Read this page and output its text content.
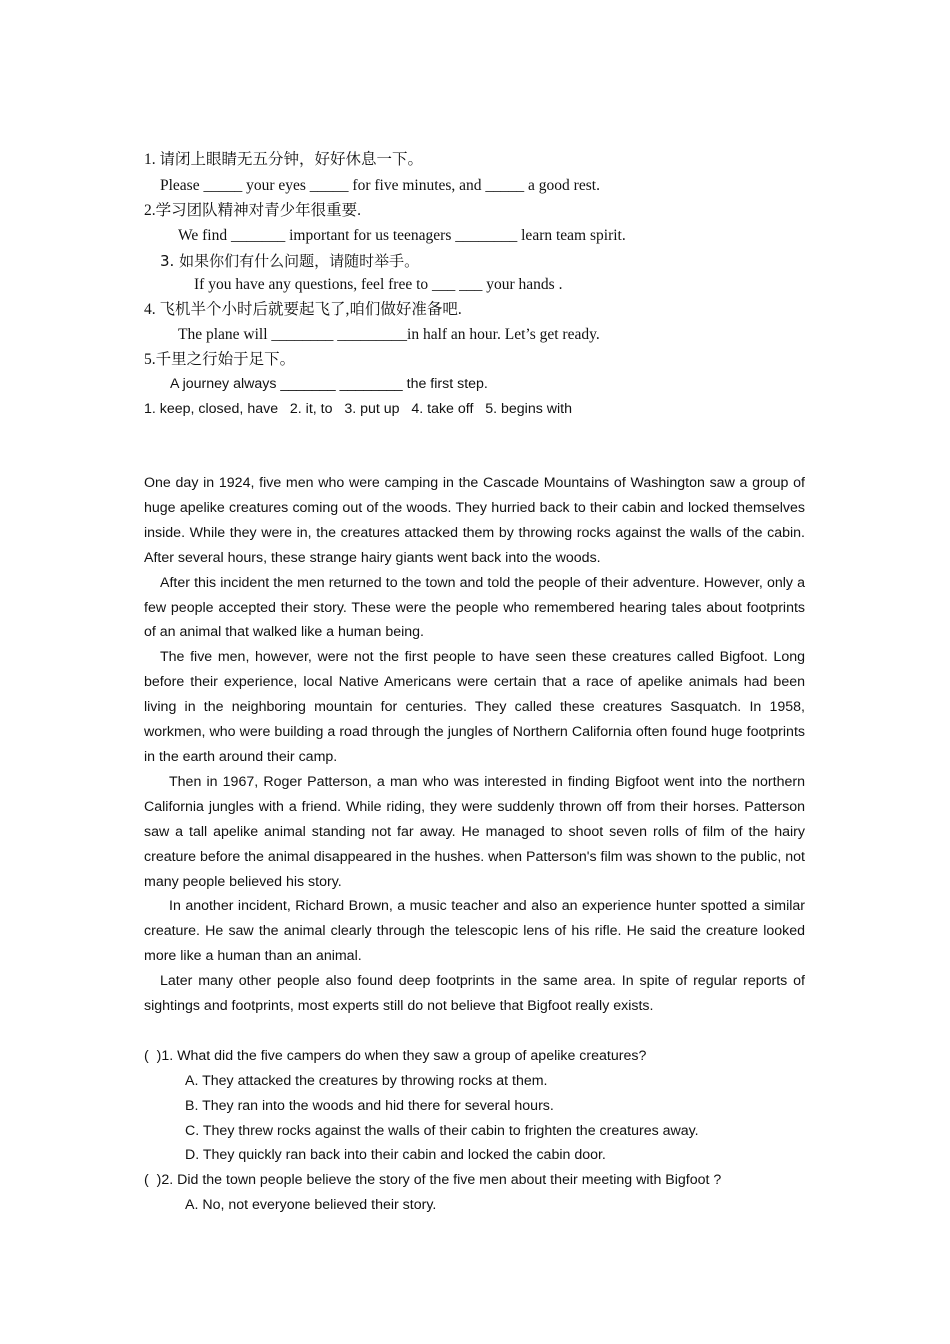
1. 请闭上眼睛无五分钟，好好休息一下。
Please _____ your eyes _____ for five minutes, and _____ a good rest.
2.学习团队精神对青少年很重要.
We find _______ important for us teenagers ________ learn team spirit.
3. 如果你们有什么问题，请随时举手。
If you have any questions, feel free to ___ ___ your hands .
4. 飞机半个小时后就要起飞了,咱们做好准备吧.
The plane will ________ _________in half an hour. Let’s get ready.
5.千里之行始于足下。
A journey always _______ ________ the first step.
1. keep, closed, have   2. it, to   3. put up   4. take off   5. begins with

One day in 1924, five men who were camping in the Cascade Mountains of Washington saw a group of huge apelike creatures coming out of the woods. They hurried back to their cabin and locked themselves inside. While they were in, the creatures attacked them by throwing rocks against the walls of the cabin. After several hours, these strange hairy giants went back into the woods.

After this incident the men returned to the town and told the people of their adventure. However, only a few people accepted their story. These were the people who remembered hearing tales about footprints of an animal that walked like a human being.

The five men, however, were not the first people to have seen these creatures called Bigfoot. Long before their experience, local Native Americans were certain that a race of apelike animals had been living in the neighboring mountain for centuries. They called these creatures Sasquatch. In 1958, workmen, who were building a road through the jungles of Northern California often found huge footprints in the earth around their camp.

Then in 1967, Roger Patterson, a man who was interested in finding Bigfoot went into the northern California jungles with a friend. While riding, they were suddenly thrown off from their horses. Patterson saw a tall apelike animal standing not far away. He managed to shoot seven rolls of film of the hairy creature before the animal disappeared in the hushes. when Patterson's film was shown to the public, not many people believed his story.

In another incident, Richard Brown, a music teacher and also an experience hunter spotted a similar creature. He saw the animal clearly through the telescopic lens of his rifle. He said the creature looked more like a human than an animal.

Later many other people also found deep footprints in the same area. In spite of regular reports of sightings and footprints, most experts still do not believe that Bigfoot really exists.

(  )1. What did the five campers do when they saw a group of apelike creatures?
A. They attacked the creatures by throwing rocks at them.
B. They ran into the woods and hid there for several hours.
C. They threw rocks against the walls of their cabin to frighten the creatures away.
D. They quickly ran back into their cabin and locked the cabin door.
(  )2. Did the town people believe the story of the five men about their meeting with Bigfoot ?
A. No, not everyone believed their story.
